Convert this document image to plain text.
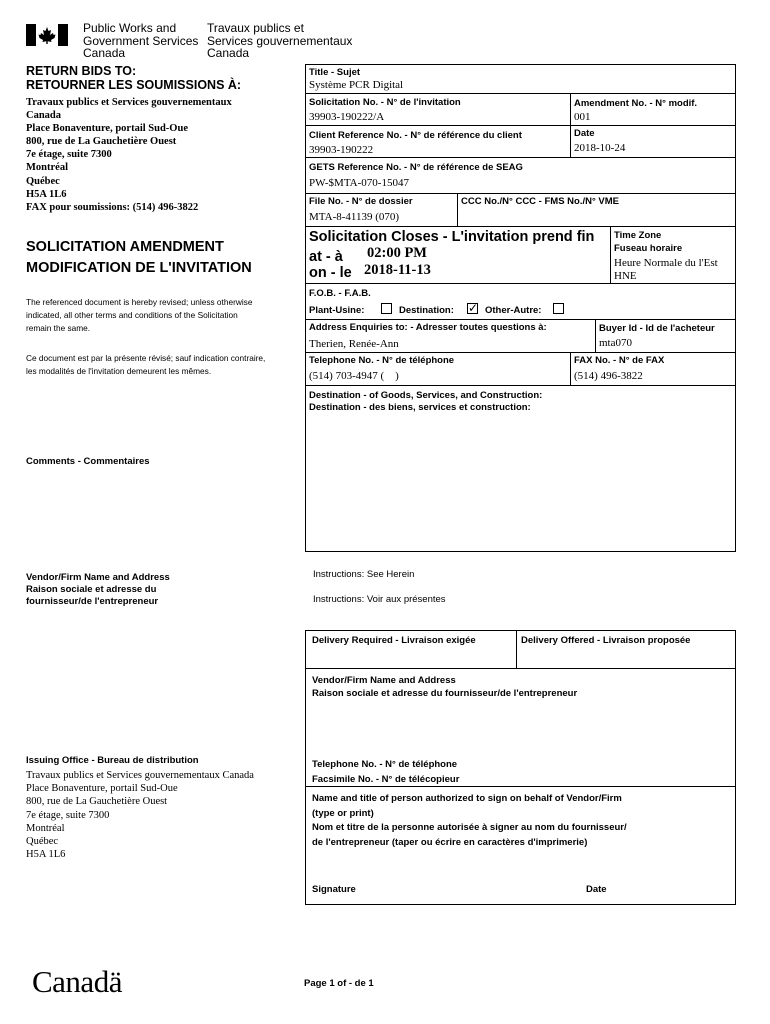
Public Works and
Government Services
Canada
Travaux publics et
Services gouvernementaux
Canada
RETURN BIDS TO:
RETOURNER LES SOUMISSIONS À:
Travaux publics et Services gouvernementaux
Canada
Place Bonaventure, portail Sud-Oue
800, rue de La Gauchetière Ouest
7e étage, suite 7300
Montréal
Québec
H5A 1L6
FAX pour soumissions: (514) 496-3822
SOLICITATION AMENDMENT
MODIFICATION DE L'INVITATION
The referenced document is hereby revised; unless otherwise
indicated, all other terms and conditions of the Solicitation
remain the same.
Ce document est par la présente révisé; sauf indication contraire,
les modalités de l'invitation demeurent les mêmes.
Comments - Commentaires
Vendor/Firm Name and Address
Raison sociale et adresse du
fournisseur/de l'entrepreneur
Issuing Office - Bureau de distribution
Travaux publics et Services gouvernementaux Canada
Place Bonaventure, portail Sud-Oue
800, rue de La Gauchetière Ouest
7e étage, suite 7300
Montréal
Québec
H5A 1L6
Title - Sujet
Système PCR Digital
Solicitation No. - N° de l'invitation
39903-190222/A
Amendment No. - N° modif.
001
Client Reference No. - N° de référence du client
39903-190222
Date
2018-10-24
GETS Reference No. - N° de référence de SEAG
PW-$MTA-070-15047
File No. - N° de dossier
MTA-8-41139 (070)
CCC No./N° CCC - FMS No./N° VME
Solicitation Closes - L'invitation prend fin
at - à 02:00 PM
on - le 2018-11-13
Time Zone
Fuseau horaire
Heure Normale du l'Est
HNE
F.O.B. - F.A.B.
Plant-Usine:	Destination: ✓ Other-Autre:
Address Enquiries to: - Adresser toutes questions à:
Therien, Renée-Ann
Buyer Id - Id de l'acheteur
mta070
Telephone No. - N° de téléphone
(514) 703-4947 (    )
FAX No. - N° de FAX
(514) 496-3822
Destination - of Goods, Services, and Construction:
Destination - des biens, services et construction:
Instructions: See Herein
Instructions: Voir aux présentes
Delivery Required - Livraison exigée	Delivery Offered - Livraison proposée
Vendor/Firm Name and Address
Raison sociale et adresse du fournisseur/de l'entrepreneur
Telephone No. - N° de téléphone
Facsimile No. - N° de télécopieur
Name and title of person authorized to sign on behalf of Vendor/Firm
(type or print)
Nom et titre de la personne autorisée à signer au nom du fournisseur/
de l'entrepreneur (taper ou écrire en caractères d'imprimerie)
Signature	Date
Canadä	Page 1 of - de 1
